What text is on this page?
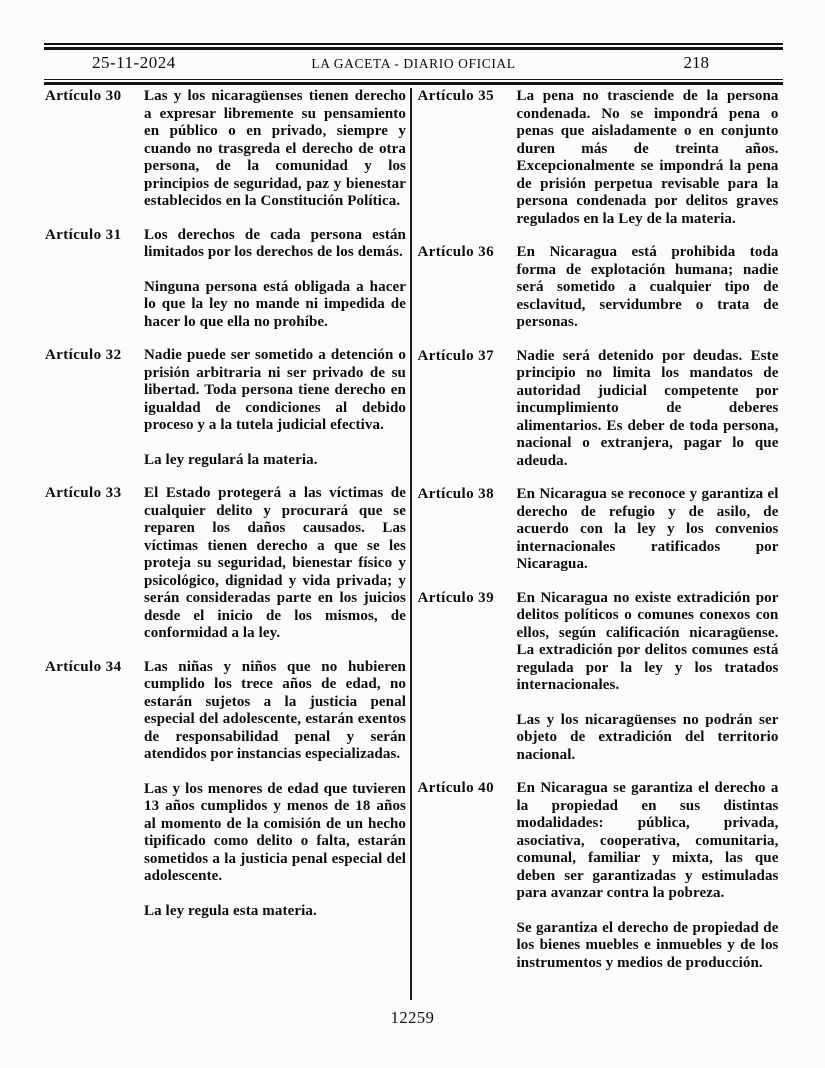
25-11-2024	LA GACETA - DIARIO OFICIAL	218
Artículo 30	Las y los nicaragüenses tienen derecho a expresar libremente su pensamiento en público o en privado, siempre y cuando no trasgreda el derecho de otra persona, de la comunidad y los principios de seguridad, paz y bienestar establecidos en la Constitución Política.

Artículo 31	Los derechos de cada persona están limitados por los derechos de los demás.

Ninguna persona está obligada a hacer lo que la ley no mande ni impedida de hacer lo que ella no prohíbe.

Artículo 32	Nadie puede ser sometido a detención o prisión arbitraria ni ser privado de su libertad. Toda persona tiene derecho en igualdad de condiciones al debido proceso y a la tutela judicial efectiva.

La ley regulará la materia.

Artículo 33	El Estado protegerá a las víctimas de cualquier delito y procurará que se reparen los daños causados. Las víctimas tienen derecho a que se les proteja su seguridad, bienestar físico y psicológico, dignidad y vida privada; y serán consideradas parte en los juicios desde el inicio de los mismos, de conformidad a la ley.

Artículo 34	Las niñas y niños que no hubieren cumplido los trece años de edad, no estarán sujetos a la justicia penal especial del adolescente, estarán exentos de responsabilidad penal y serán atendidos por instancias especializadas.

Las y los menores de edad que tuvieren 13 años cumplidos y menos de 18 años al momento de la comisión de un hecho tipificado como delito o falta, estarán sometidos a la justicia penal especial del adolescente.

La ley regula esta materia.

Artículo 35	La pena no trasciende de la persona condenada. No se impondrá pena o penas que aisladamente o en conjunto duren más de treinta años. Excepcionalmente se impondrá la pena de prisión perpetua revisable para la persona condenada por delitos graves regulados en la Ley de la materia.

Artículo 36	En Nicaragua está prohibida toda forma de explotación humana; nadie será sometido a cualquier tipo de esclavitud, servidumbre o trata de personas.

Artículo 37	Nadie será detenido por deudas. Este principio no limita los mandatos de autoridad judicial competente por incumplimiento de deberes alimentarios. Es deber de toda persona, nacional o extranjera, pagar lo que adeuda.

Artículo 38	En Nicaragua se reconoce y garantiza el derecho de refugio y de asilo, de acuerdo con la ley y los convenios internacionales ratificados por Nicaragua.

Artículo 39	En Nicaragua no existe extradición por delitos políticos o comunes conexos con ellos, según calificación nicaragüense. La extradición por delitos comunes está regulada por la ley y los tratados internacionales.

Las y los nicaragüenses no podrán ser objeto de extradición del territorio nacional.

Artículo 40	En Nicaragua se garantiza el derecho a la propiedad en sus distintas modalidades: pública, privada, asociativa, cooperativa, comunitaria, comunal, familiar y mixta, las que deben ser garantizadas y estimuladas para avanzar contra la pobreza.

Se garantiza el derecho de propiedad de los bienes muebles e inmuebles y de los instrumentos y medios de producción.

12259
